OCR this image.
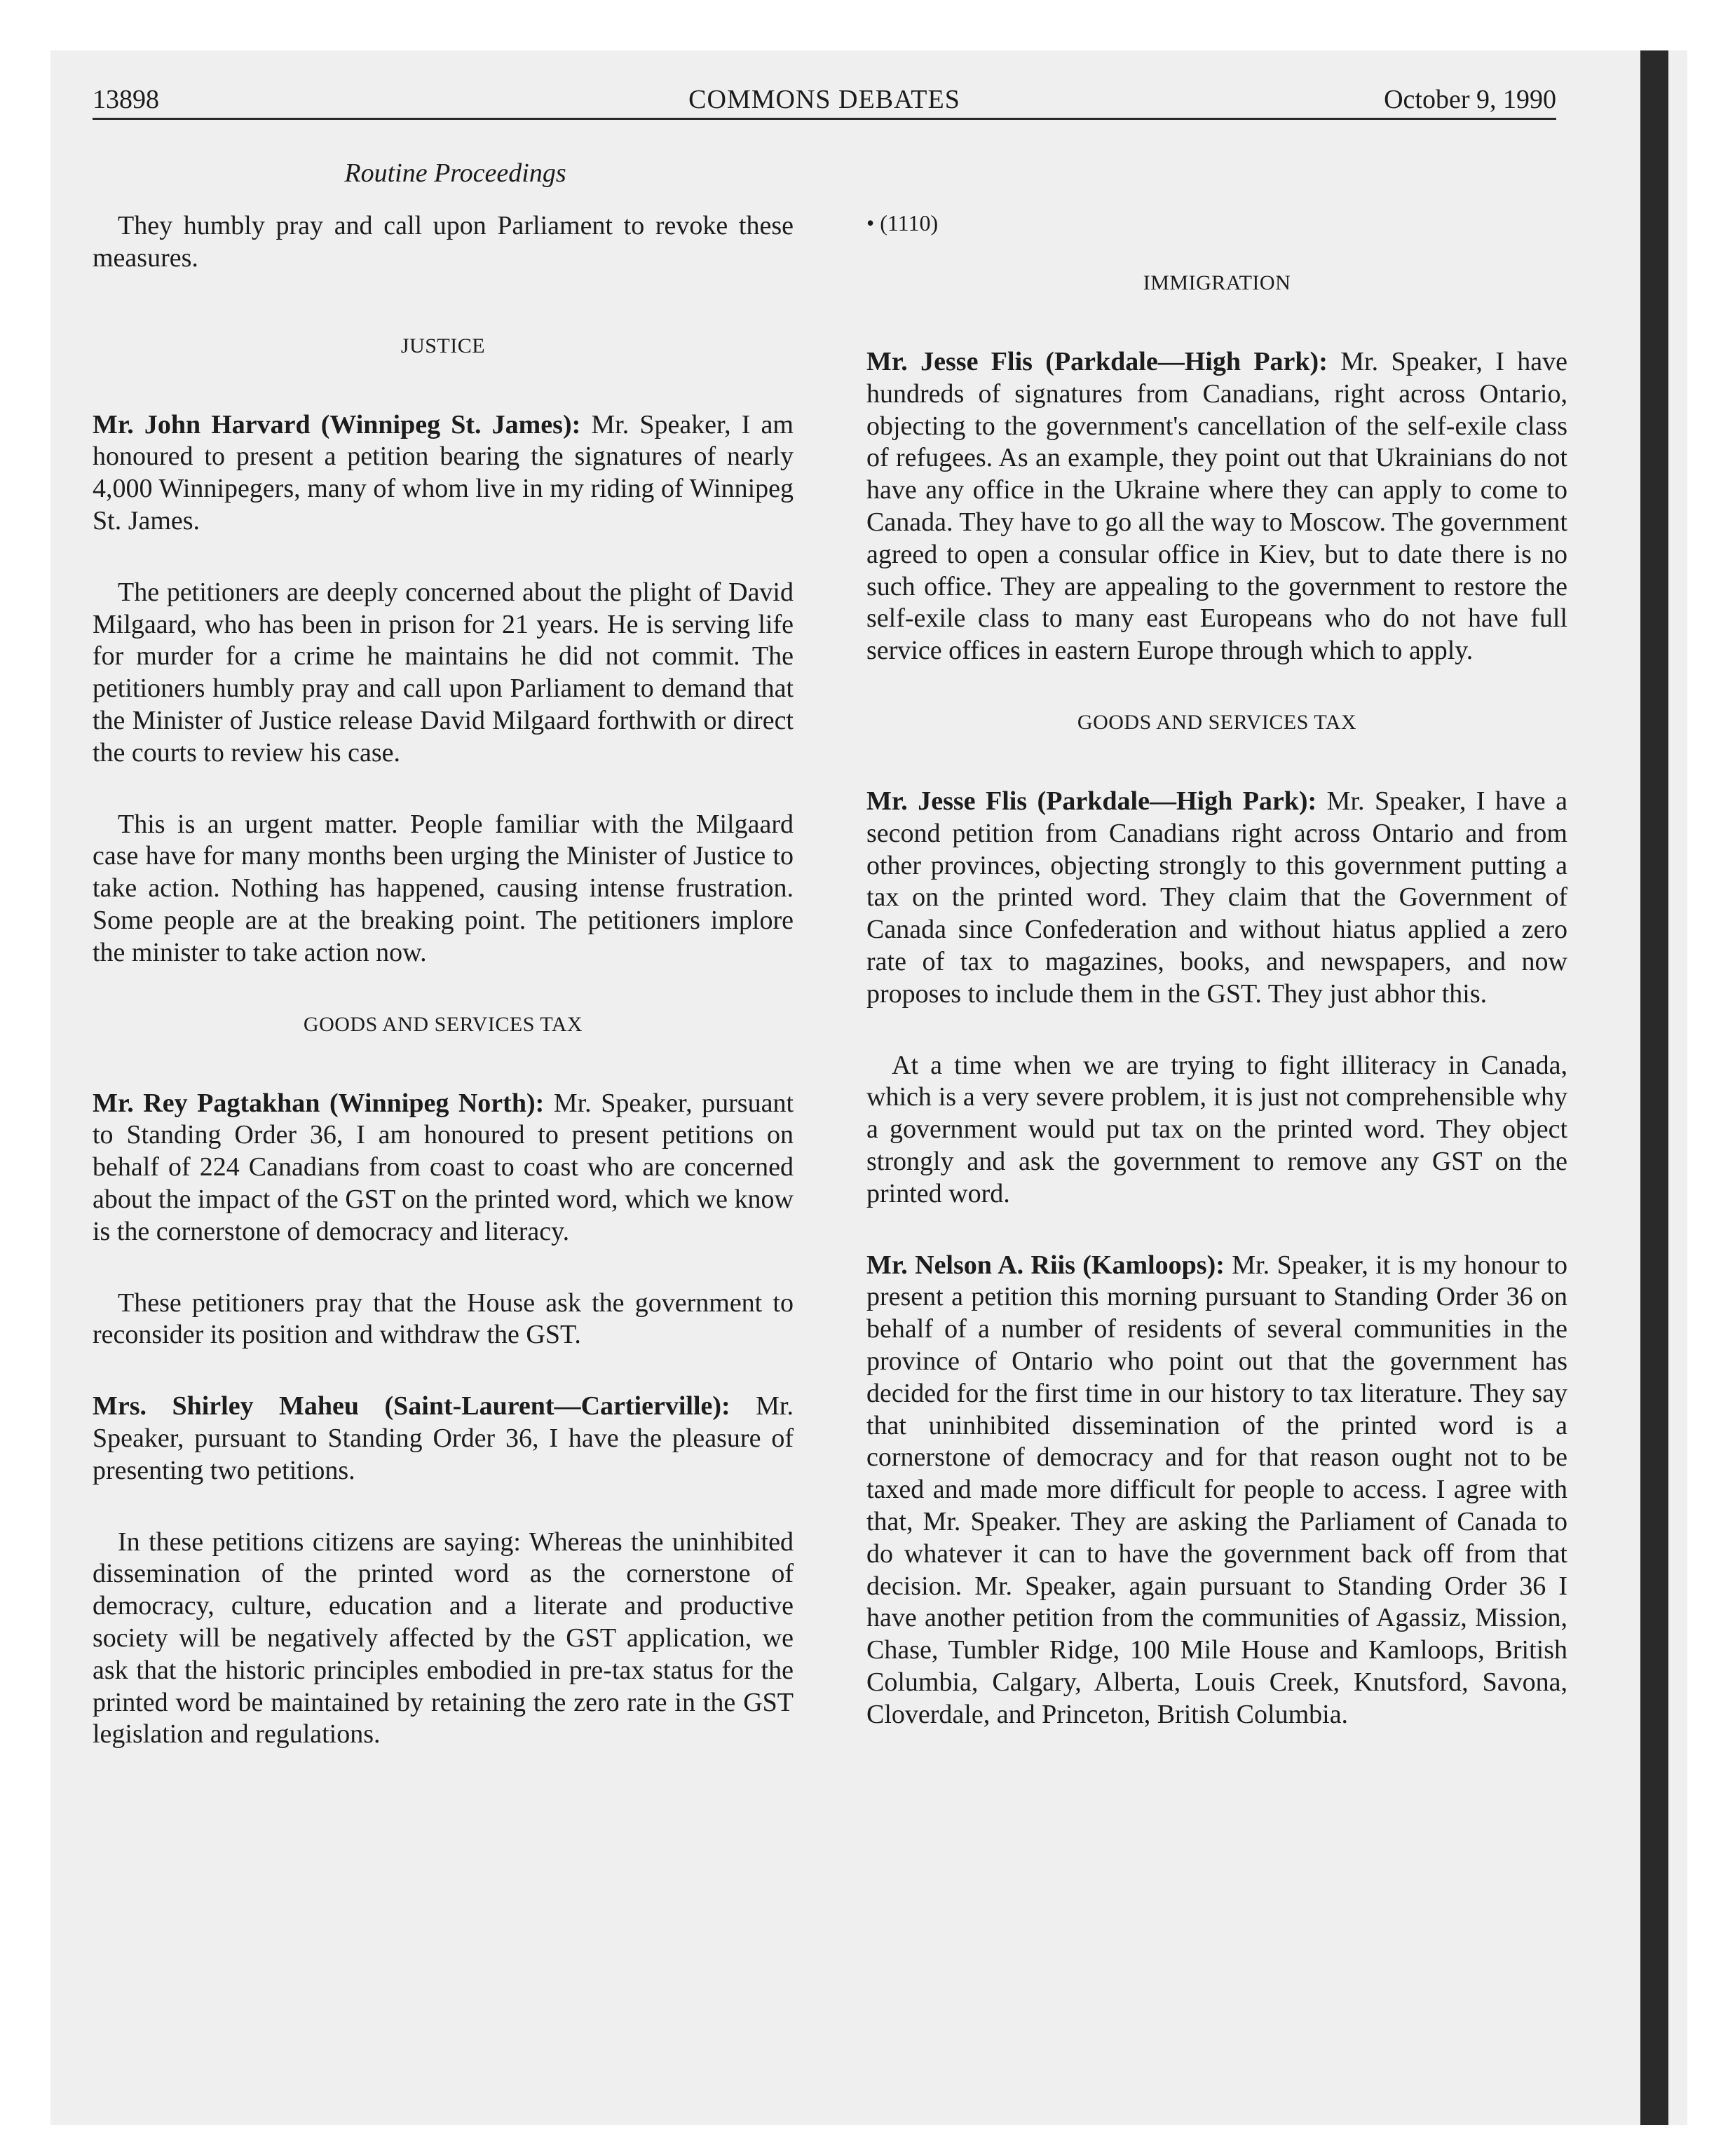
13898	COMMONS DEBATES	October 9, 1990
Routine Proceedings

They humbly pray and call upon Parliament to revoke these measures.

JUSTICE

Mr. John Harvard (Winnipeg St. James): Mr. Speaker, I am honoured to present a petition bearing the signatures of nearly 4,000 Winnipegers, many of whom live in my riding of Winnipeg St. James.

The petitioners are deeply concerned about the plight of David Milgaard, who has been in prison for 21 years. He is serving life for murder for a crime he maintains he did not commit. The petitioners humbly pray and call upon Parliament to demand that the Minister of Justice release David Milgaard forthwith or direct the courts to review his case.

This is an urgent matter. People familiar with the Milgaard case have for many months been urging the Minister of Justice to take action. Nothing has happened, causing intense frustration. Some people are at the breaking point. The petitioners implore the minister to take action now.

GOODS AND SERVICES TAX

Mr. Rey Pagtakhan (Winnipeg North): Mr. Speaker, pursuant to Standing Order 36, I am honoured to present petitions on behalf of 224 Canadians from coast to coast who are concerned about the impact of the GST on the printed word, which we know is the cornerstone of democracy and literacy.

These petitioners pray that the House ask the government to reconsider its position and withdraw the GST.

Mrs. Shirley Maheu (Saint-Laurent—Cartierville): Mr. Speaker, pursuant to Standing Order 36, I have the pleasure of presenting two petitions.

In these petitions citizens are saying: Whereas the uninhibited dissemination of the printed word as the cornerstone of democracy, culture, education and a literate and productive society will be negatively affected by the GST application, we ask that the historic principles embodied in pre-tax status for the printed word be maintained by retaining the zero rate in the GST legislation and regulations.

• (1110)
IMMIGRATION

Mr. Jesse Flis (Parkdale—High Park): Mr. Speaker, I have hundreds of signatures from Canadians, right across Ontario, objecting to the government's cancellation of the self-exile class of refugees. As an example, they point out that Ukrainians do not have any office in the Ukraine where they can apply to come to Canada. They have to go all the way to Moscow. The government agreed to open a consular office in Kiev, but to date there is no such office. They are appealing to the government to restore the self-exile class to many east Europeans who do not have full service offices in eastern Europe through which to apply.

GOODS AND SERVICES TAX

Mr. Jesse Flis (Parkdale—High Park): Mr. Speaker, I have a second petition from Canadians right across Ontario and from other provinces, objecting strongly to this government putting a tax on the printed word. They claim that the Government of Canada since Confederation and without hiatus applied a zero rate of tax to magazines, books, and newspapers, and now proposes to include them in the GST. They just abhor this.

At a time when we are trying to fight illiteracy in Canada, which is a very severe problem, it is just not comprehensible why a government would put tax on the printed word. They object strongly and ask the government to remove any GST on the printed word.

Mr. Nelson A. Riis (Kamloops): Mr. Speaker, it is my honour to present a petition this morning pursuant to Standing Order 36 on behalf of a number of residents of several communities in the province of Ontario who point out that the government has decided for the first time in our history to tax literature. They say that uninhibited dissemination of the printed word is a cornerstone of democracy and for that reason ought not to be taxed and made more difficult for people to access. I agree with that, Mr. Speaker. They are asking the Parliament of Canada to do whatever it can to have the government back off from that decision. Mr. Speaker, again pursuant to Standing Order 36 I have another petition from the communities of Agassiz, Mission, Chase, Tumbler Ridge, 100 Mile House and Kamloops, British Columbia, Calgary, Alberta, Louis Creek, Knutsford, Savona, Cloverdale, and Princeton, British Columbia.
